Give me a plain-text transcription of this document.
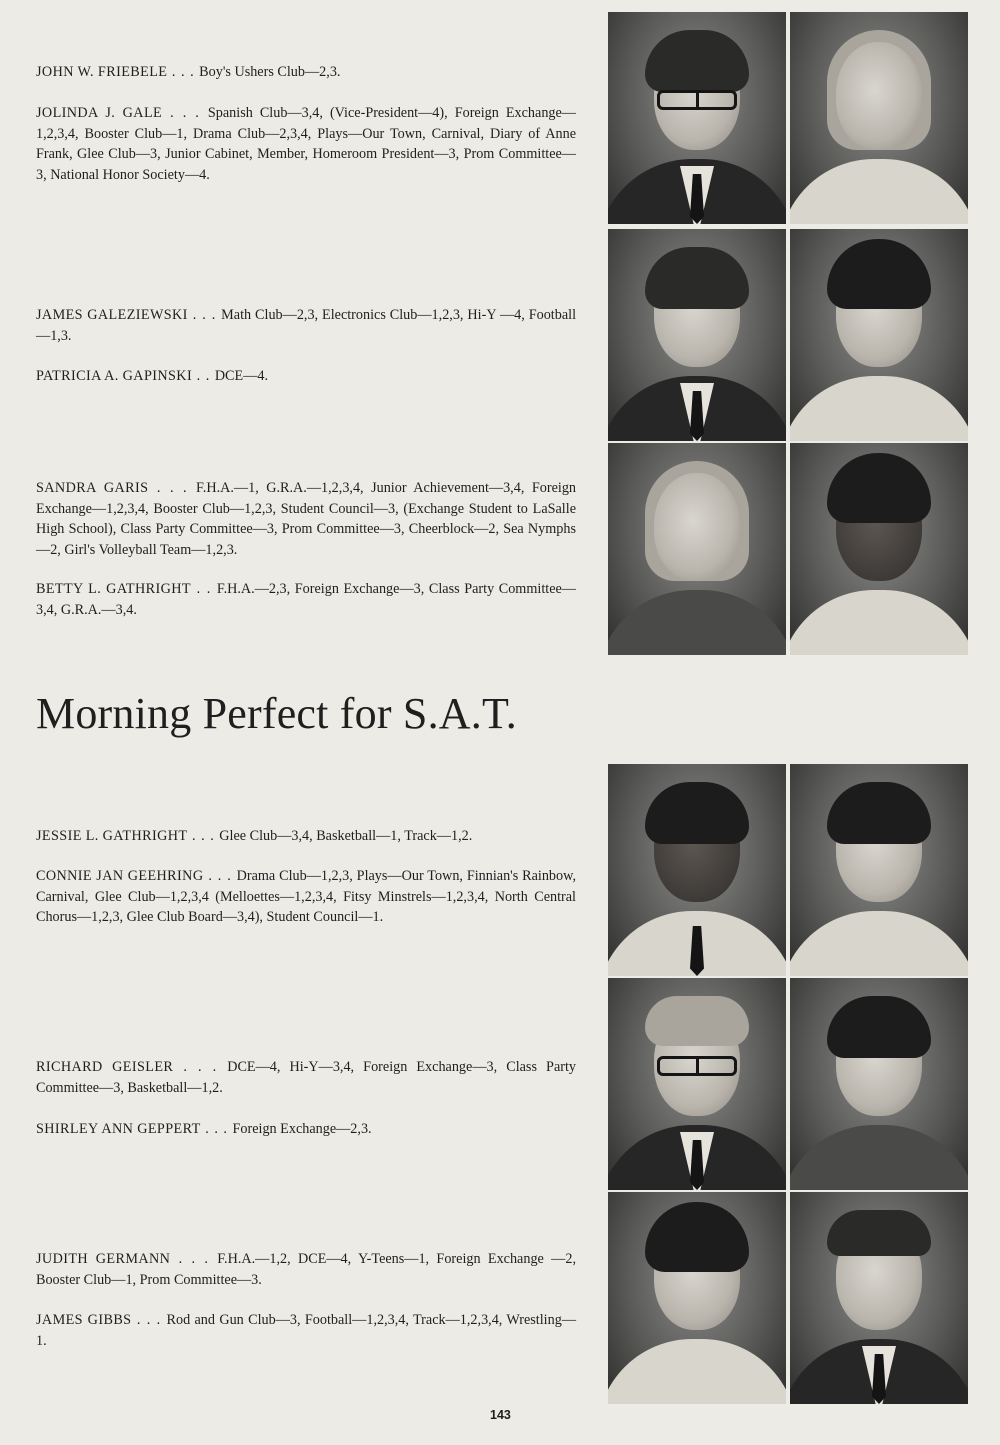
JOHN W. FRIEBELE . . . Boy's Ushers Club—2,3.

JOLINDA J. GALE . . . Spanish Club—3,4, (Vice-President—4), Foreign Exchange—1,2,3,4, Booster Club—1, Drama Club—2,3,4, Plays—Our Town, Carnival, Diary of Anne Frank, Glee Club—3, Junior Cabinet, Member, Homeroom President—3, Prom Committee—3, National Honor Society—4.

JAMES GALEZIEWSKI . . . Math Club—2,3, Electronics Club—1,2,3, Hi-Y —4, Football—1,3.

PATRICIA A. GAPINSKI . . DCE—4.

SANDRA GARIS . . . F.H.A.—1, G.R.A.—1,2,3,4, Junior Achievement—3,4, Foreign Exchange—1,2,3,4, Booster Club—1,2,3, Student Council—3, (Exchange Student to LaSalle High School), Class Party Committee—3, Prom Committee—3, Cheerblock—2, Sea Nymphs—2, Girl's Volleyball Team—1,2,3.

BETTY L. GATHRIGHT . . F.H.A.—2,3, Foreign Exchange—3, Class Party Committee—3,4, G.R.A.—3,4.

Morning Perfect for S.A.T.

JESSIE L. GATHRIGHT . . . Glee Club—3,4, Basketball—1, Track—1,2.

CONNIE JAN GEEHRING . . . Drama Club—1,2,3, Plays—Our Town, Finnian's Rainbow, Carnival, Glee Club—1,2,3,4 (Melloettes—1,2,3,4, Fitsy Minstrels—1,2,3,4, North Central Chorus—1,2,3, Glee Club Board—3,4), Student Council—1.

RICHARD GEISLER . . . DCE—4, Hi-Y—3,4, Foreign Exchange—3, Class Party Committee—3, Basketball—1,2.

SHIRLEY ANN GEPPERT . . . Foreign Exchange—2,3.

JUDITH GERMANN . . . F.H.A.—1,2, DCE—4, Y-Teens—1, Foreign Exchange —2, Booster Club—1, Prom Committee—3.

JAMES GIBBS . . . Rod and Gun Club—3, Football—1,2,3,4, Track—1,2,3,4, Wrestling—1.

143
